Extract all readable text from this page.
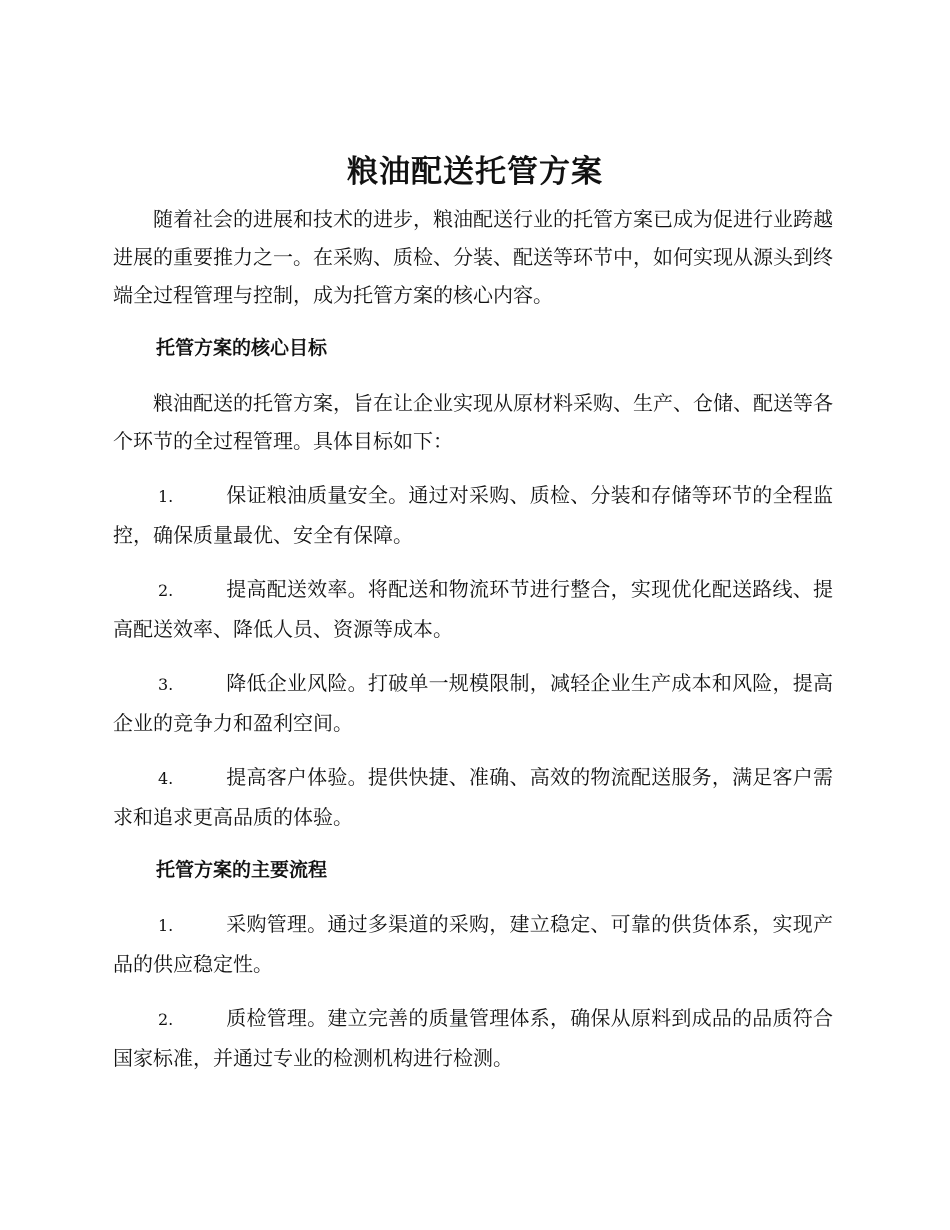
粮油配送托管方案

随着社会的进展和技术的进步，粮油配送行业的托管方案已成为促进行业跨越进展的重要推力之一。在采购、质检、分装、配送等环节中，如何实现从源头到终端全过程管理与控制，成为托管方案的核心内容。

托管方案的核心目标

粮油配送的托管方案，旨在让企业实现从原材料采购、生产、仓储、配送等各个环节的全过程管理。具体目标如下：

1.	保证粮油质量安全。通过对采购、质检、分装和存储等环节的全程监控，确保质量最优、安全有保障。

2.	提高配送效率。将配送和物流环节进行整合，实现优化配送路线、提高配送效率、降低人员、资源等成本。

3.	降低企业风险。打破单一规模限制，减轻企业生产成本和风险，提高企业的竞争力和盈利空间。

4.	提高客户体验。提供快捷、准确、高效的物流配送服务，满足客户需求和追求更高品质的体验。

托管方案的主要流程

1.	采购管理。通过多渠道的采购，建立稳定、可靠的供货体系，实现产品的供应稳定性。

2.	质检管理。建立完善的质量管理体系，确保从原料到成品的品质符合国家标准，并通过专业的检测机构进行检测。
